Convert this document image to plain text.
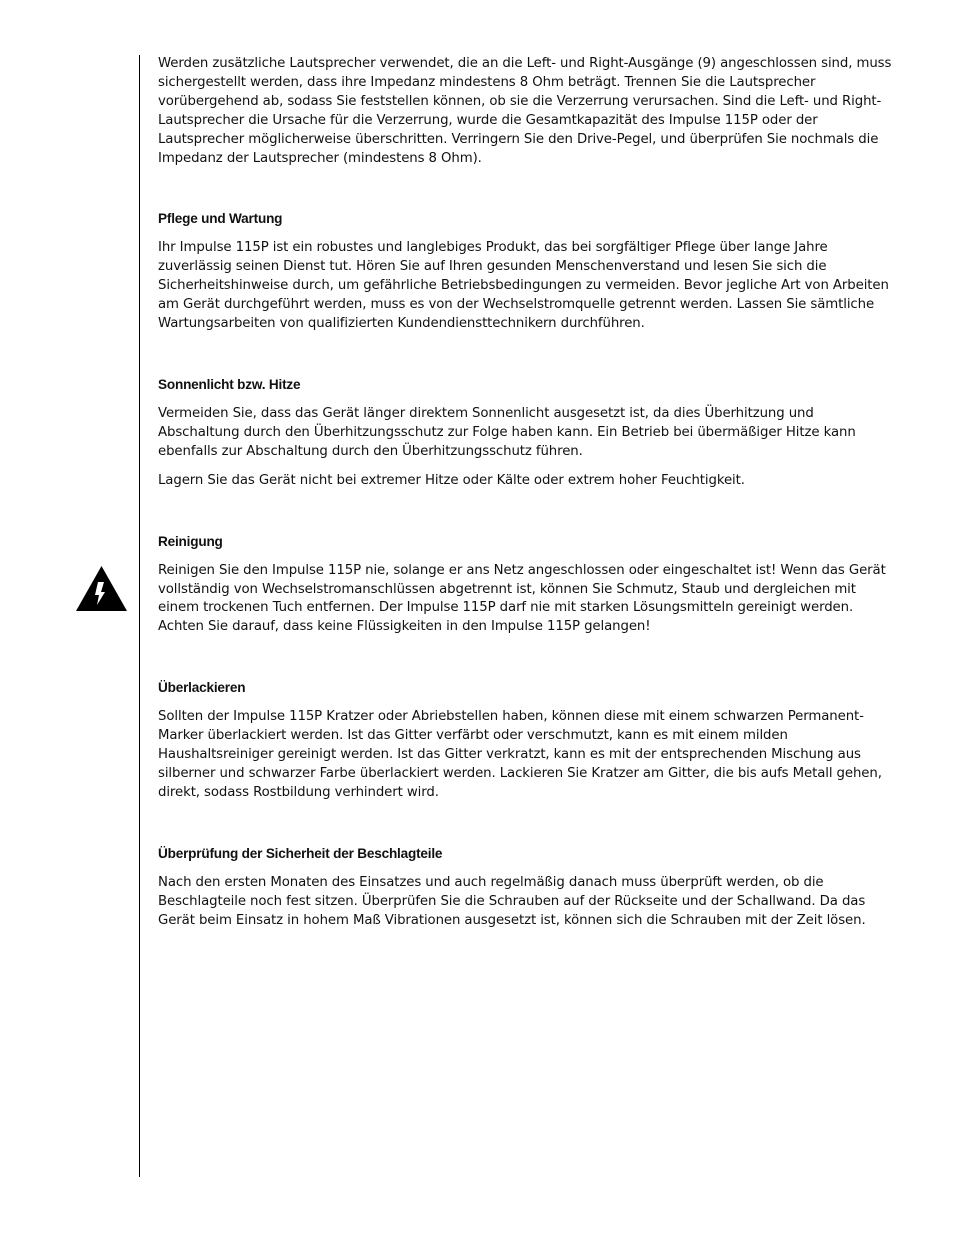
Werden zusätzliche Lautsprecher verwendet, die an die Left- und Right-Ausgänge (9) angeschlossen sind, muss sichergestellt werden, dass ihre Impedanz mindestens 8 Ohm beträgt. Trennen Sie die Lautsprecher vorübergehend ab, sodass Sie feststellen können, ob sie die Verzerrung verursachen. Sind die Left- und Right-Lautsprecher die Ursache für die Verzerrung, wurde die Gesamtkapazität des Impulse 115P oder der Lautsprecher möglicherweise überschritten. Verringern Sie den Drive-Pegel, und überprüfen Sie nochmals die Impedanz der Lautsprecher (mindestens 8 Ohm).

Pflege und Wartung

Ihr Impulse 115P ist ein robustes und langlebiges Produkt, das bei sorgfältiger Pflege über lange Jahre zuverlässig seinen Dienst tut. Hören Sie auf Ihren gesunden Menschenverstand und lesen Sie sich die Sicherheitshinweise durch, um gefährliche Betriebsbedingungen zu vermeiden. Bevor jegliche Art von Arbeiten am Gerät durchgeführt werden, muss es von der Wechselstromquelle getrennt werden. Lassen Sie sämtliche Wartungsarbeiten von qualifizierten Kundendiensttechnikern durchführen.

Sonnenlicht bzw. Hitze

Vermeiden Sie, dass das Gerät länger direktem Sonnenlicht ausgesetzt ist, da dies Überhitzung und Abschaltung durch den Überhitzungsschutz zur Folge haben kann. Ein Betrieb bei übermäßiger Hitze kann ebenfalls zur Abschaltung durch den Überhitzungsschutz führen.

Lagern Sie das Gerät nicht bei extremer Hitze oder Kälte oder extrem hoher Feuchtigkeit.

Reinigung

Reinigen Sie den Impulse 115P nie, solange er ans Netz angeschlossen oder eingeschaltet ist! Wenn das Gerät vollständig von Wechselstromanschlüssen abgetrennt ist, können Sie Schmutz, Staub und dergleichen mit einem trockenen Tuch entfernen. Der Impulse 115P darf nie mit starken Lösungsmitteln gereinigt werden. Achten Sie darauf, dass keine Flüssigkeiten in den Impulse 115P gelangen!

Überlackieren

Sollten der Impulse 115P Kratzer oder Abriebstellen haben, können diese mit einem schwarzen Permanent-Marker überlackiert werden. Ist das Gitter verfärbt oder verschmutzt, kann es mit einem milden Haushaltsreiniger gereinigt werden. Ist das Gitter verkratzt, kann es mit der entsprechenden Mischung aus silberner und schwarzer Farbe überlackiert werden. Lackieren Sie Kratzer am Gitter, die bis aufs Metall gehen, direkt, sodass Rostbildung verhindert wird.

Überprüfung der Sicherheit der Beschlagteile

Nach den ersten Monaten des Einsatzes und auch regelmäßig danach muss überprüft werden, ob die Beschlagteile noch fest sitzen. Überprüfen Sie die Schrauben auf der Rückseite und der Schallwand. Da das Gerät beim Einsatz in hohem Maß Vibrationen ausgesetzt ist, können sich die Schrauben mit der Zeit lösen.
